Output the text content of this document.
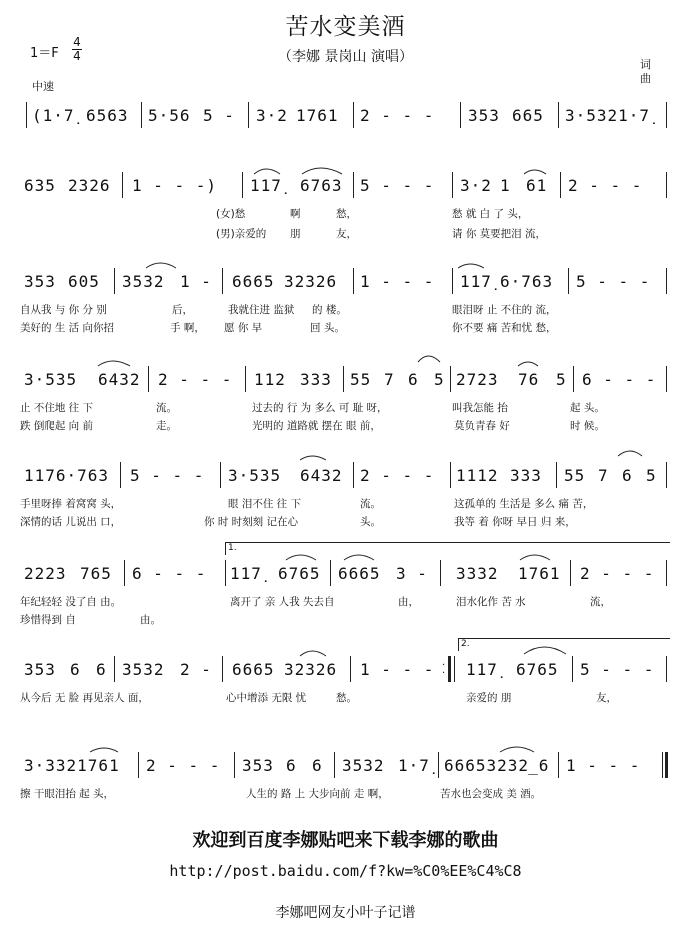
苦水变美酒
（李娜 景岗山 演唱）
1＝F
4
4
中速
词
曲
(1·7̣ 6563 5·56 5 - 3·2 1761 2 - - - 353 665 3·5321·7̣
635 2326 1 - - -) 117̣ 6763 5 - - - 3·2 1 61 2 - - -
(女)愁	啊	愁，	愁 就 白 了 头，
(男)亲爱的 朋	友，	请 你 莫要把泪 流，
353 605 3532 1 - 6665 32326 1 - - - 117̣ 6·763 5 - - -
自从我 与 你 分 别	后，	我就住进 监狱 的 楼。	眼泪呀 止 不住的 流，
美好的 生 活 向你招	手 啊， 愿 你 早	回 头。	你不要 痛 苦和忧 愁，
3·535 6432 2 - - - 112 333 55 7 6 5 2723 76 5 6 - - -
止 不住地 往 下	流。	过去的 行 为 多么 可 耻 呀，	叫我怎能 抬	起 头。
跌 倒爬起 向 前	走。	光明的 道路就 摆在 眼 前，	莫负青春 好	时 候。
1176·763 5 - - - 3·535 6432 2 - - - 1112 333 55 7 6 5
手里呀捧 着窝窝 头，	眼 泪不住 往 下	流。	这孤单的 生活是 多么 痛 苦，
深情的话 儿说出 口，	你 时 时刻刻 记在心	头。	我等 着 你呀 早日 归 来，
1.
2223 765 6 - - - 117̣ 6765 6665 3 - 3332 1761 2 - - -
年纪轻轻 没了自 由。	离开了 亲 人我 失去自	由，	泪水化作 苦 水	流，
珍惜得到 自	由。
2.
353 6 6 3532 2 - 6665 32326 1 - - - 117̣ 6765 5 - - -
·
·
从今后 无 脸 再见亲人 面，	心中增添 无限 忧	愁。	亲爱的 朋	友，
3·3321761 2 - - - 353 6 6 3532 1·7̣ 66653232̲6 1 - - -
擦 干眼泪抬 起 头，	人生的 路 上 大步向前 走 啊，	苦水也会变成 美 酒。
欢迎到百度李娜贴吧来下载李娜的歌曲
http://post.baidu.com/f?kw=%C0%EE%C4%C8
李娜吧网友小叶子记谱
